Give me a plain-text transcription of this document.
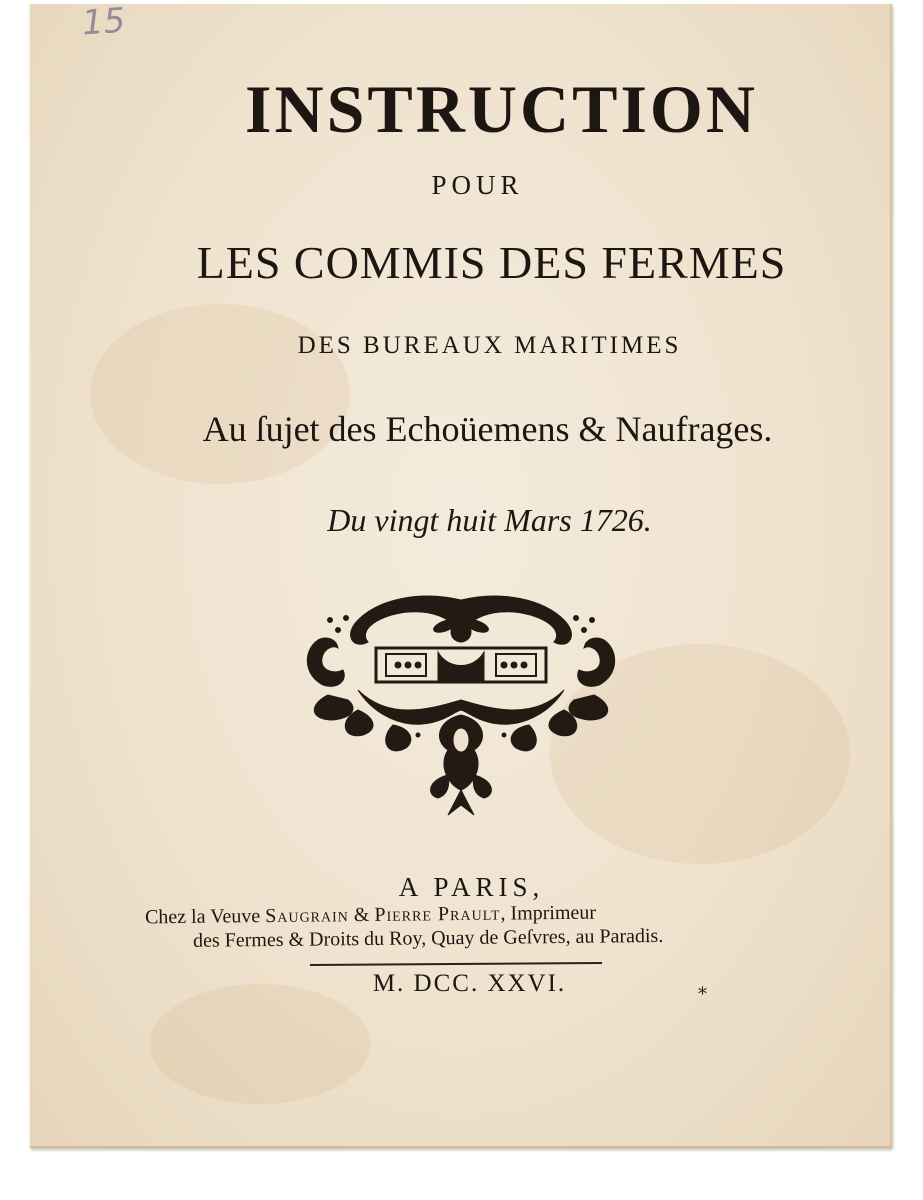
15
INSTRUCTION
POUR
LES COMMIS DES FERMES
DES BUREAUX MARITIMES
Au ſujet des Echoüemens & Naufrages.
Du vingt huit Mars 1726.
A PARIS,
Chez la Veuve Saugrain & Pierre Prault, Imprimeur
des Fermes & Droits du Roy, Quay de Geſvres, au Paradis.
M. DCC. XXVI.	*
